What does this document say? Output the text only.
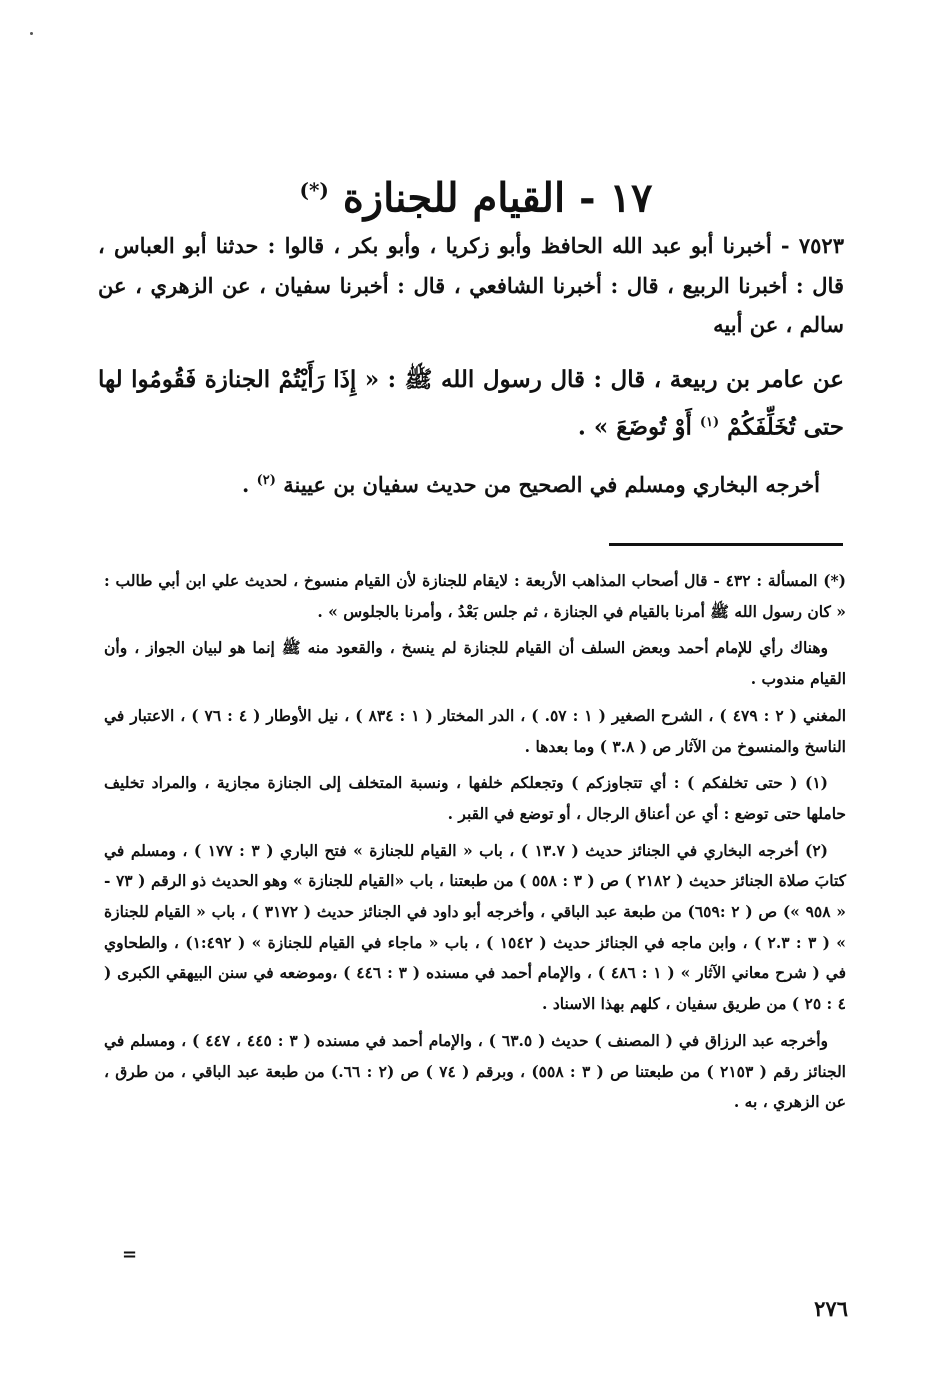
١٧ - القيام للجنازة (*)

٧٥٢٣ - أخبرنا أبو عبد الله الحافظ وأبو زكريا ، وأبو بكر ، قالوا : حدثنا أبو العباس ، قال : أخبرنا الربيع ، قال : أخبرنا الشافعي ، قال : أخبرنا سفيان ، عن الزهري ، عن سالم ، عن أبيه

عن عامر بن ربيعة ، قال : قال رسول الله ﷺ : « إِذَا رَأَيْتُمْ الجنازة فَقُومُوا لها حتى تُخَلِّفَكُمْ $^{(١)}$ أَوْ تُوضَعَ » .

أخرجه البخاري ومسلم في الصحيح من حديث سفيان بن عيينة $^{(٢)}$ .

(*) المسألة : ٤٣٢ - قال أصحاب المذاهب الأربعة : لايقام للجنازة لأن القيام منسوخ ، لحديث علي ابن أبي طالب : « كان رسول الله ﷺ أمرنا بالقيام في الجنازة ، ثم جلس بَعْدُ ، وأمرنا بالجلوس » .

وهناك رأي للإمام أحمد وبعض السلف أن القيام للجنازة لم ينسخ ، والقعود منه ﷺ إنما هو لبيان الجواز ، وأن القيام مندوب .

المغني ( ٢ : ٤٧٩ ) ، الشرح الصغير ( ١ : ٥٧. ) ، الدر المختار ( ١ : ٨٣٤ ) ، نيل الأوطار ( ٤ : ٧٦ ) ، الاعتبار في الناسخ والمنسوخ من الآثار ص ( ٣.٨ ) وما بعدها .

(١) ( حتى تخلفكم ) : أي تتجاوزكم ) وتجعلكم خلفها ، ونسبة المتخلف إلى الجنازة مجازية ، والمراد تخليف حاملها حتى توضع : أي عن أعناق الرجال ، أو توضع في القبر .

(٢) أخرجه البخاري في الجنائز حديث ( ١٣.٧ ) ، باب « القيام للجنازة » فتح الباري ( ٣ : ١٧٧ ) ، ومسلم في كتابَ صلاة الجنائز حديث ( ٢١٨٢ ) ص ( ٣ : ٥٥٨ ) من طبعتنا ، باب «القيام للجنازة » وهو الحديث ذو الرقم ( ٧٣ - « ٩٥٨ ») ص ( ٢ :٦٥٩) من طبعة عبد الباقي ، وأخرجه أبو داود في الجنائز حديث ( ٣١٧٢ ) ، باب « القيام للجنازة » ( ٣ : ٢.٣ ) ، وابن ماجه في الجنائز حديث ( ١٥٤٢ ) ، باب « ماجاء في القيام للجنازة » ( ١:٤٩٢) ، والطحاوي في ( شرح معاني الآثار » ( ١ : ٤٨٦ ) ، والإمام أحمد في مسنده ( ٣ : ٤٤٦ ) ،وموضعه في سنن البيهقي الكبرى ( ٤ : ٢٥ ) من طريق سفيان ، كلهم بهذا الاسناد .

وأخرجه عبد الرزاق في ( المصنف ) حديث ( ٦٣.٥ ) ، والإمام أحمد في مسنده ( ٣ : ٤٤٥ ، ٤٤٧ ) ، ومسلم في الجنائز رقم ( ٢١٥٣ ) من طبعتنا ص ( ٣ : ٥٥٨) ، وبرقم ( ٧٤ ) ص (٢ : ٦٦.) من طبعة عبد الباقي ، من طرق ، عن الزهري ، به .

=
٢٧٦
